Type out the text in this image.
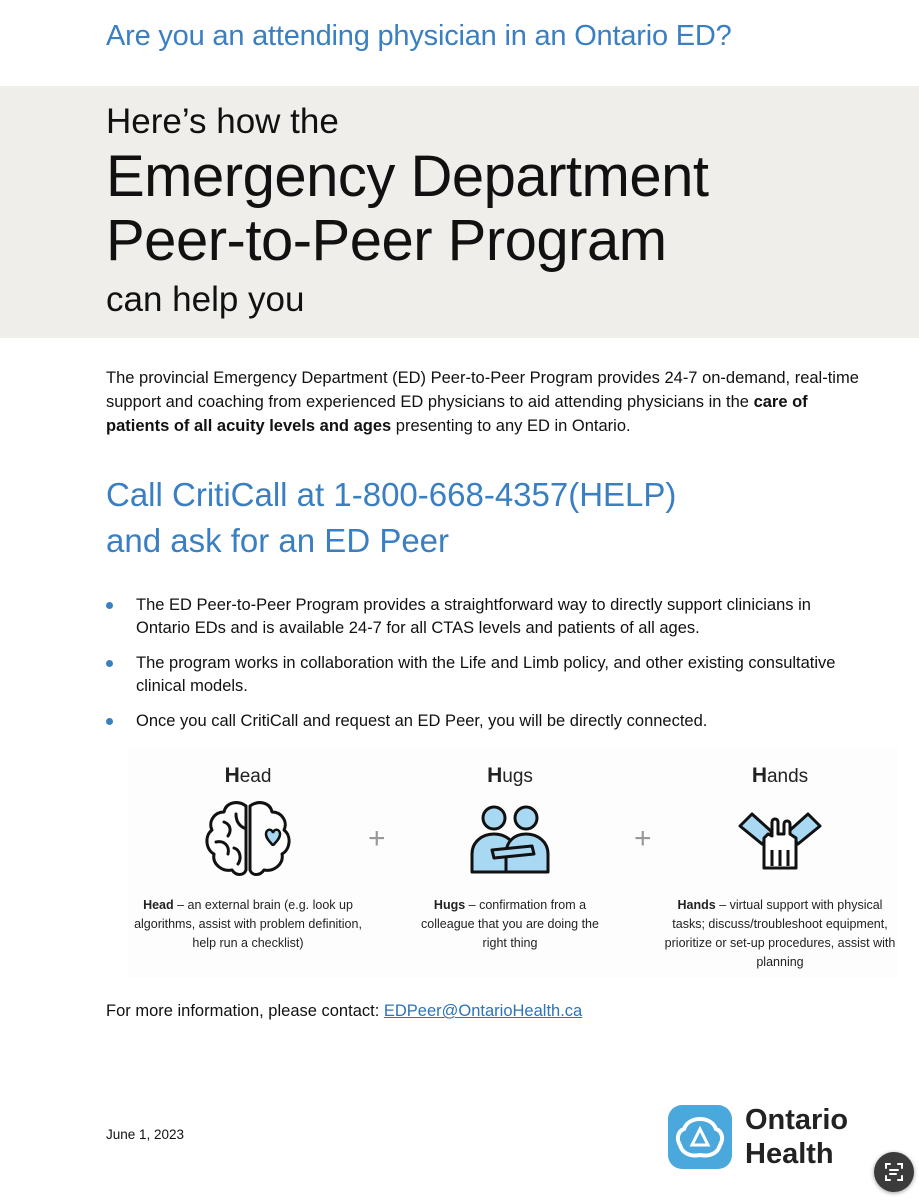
Are you an attending physician in an Ontario ED?
Here’s how the
Emergency Department
Peer-to-Peer Program
can help you

The provincial Emergency Department (ED) Peer-to-Peer Program provides 24-7 on-demand, real-time support and coaching from experienced ED physicians to aid attending physicians in the care of patients of all acuity levels and ages presenting to any ED in Ontario.

Call CritiCall at 1-800-668-4357(HELP)
and ask for an ED Peer
The ED Peer-to-Peer Program provides a straightforward way to directly support clinicians in Ontario EDs and is available 24-7 for all CTAS levels and patients of all ages.
The program works in collaboration with the Life and Limb policy, and other existing consultative clinical models.
Once you call CritiCall and request an ED Peer, you will be directly connected.
Head
Head – an external brain (e.g. look up algorithms, assist with problem definition, help run a checklist)
+
Hugs
Hugs – confirmation from a colleague that you are doing the right thing
+
Hands
Hands – virtual support with physical tasks; discuss/troubleshoot equipment, prioritize or set-up procedures, assist with planning
For more information, please contact: EDPeer@OntarioHealth.ca
June 1, 2023	Ontario
Health
